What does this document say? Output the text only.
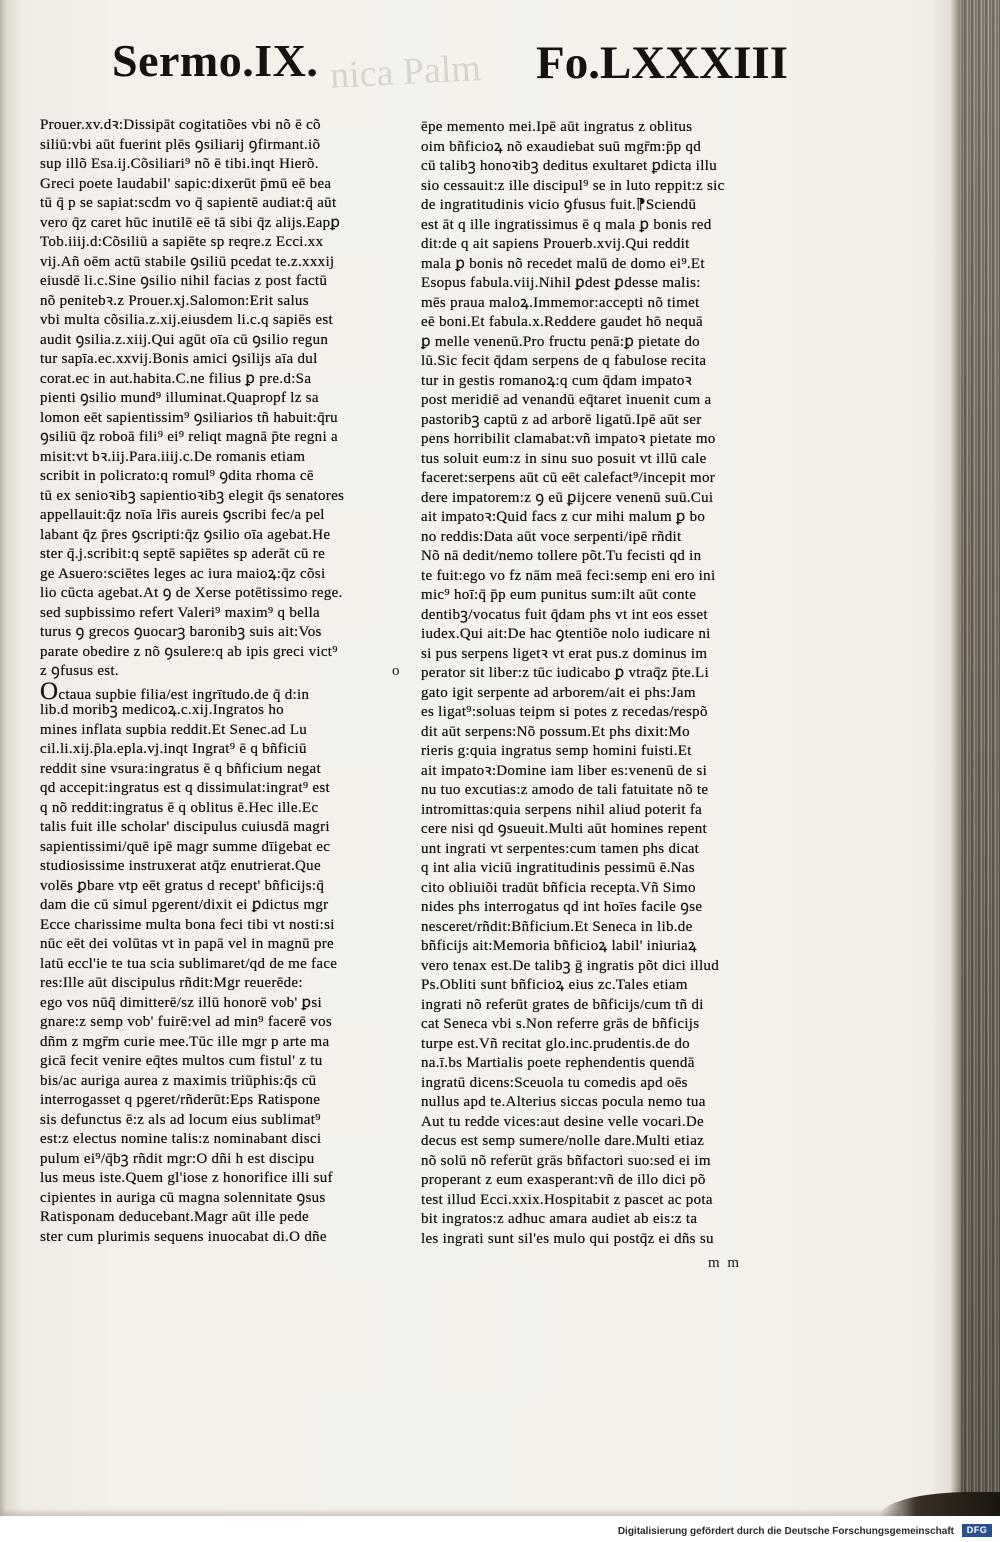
nica Palm
Sermo.IX.	Fo.LXXXIII
Prouer.xv.dꝛ:Dissipāt cogitatiões vbi nõ ē cõ
siliū:vbi aūt fuerint plēs ꝯsiliarij ꝯfirmant.iõ
sup illõ Esa.ij.Cõsiliari⁹ nõ ē tibi.inqt Hierõ.
Greci poete laudabil' sapic:dixerūt p̄mū eē bea
tū q̄ p se sapiat:scdm vo q̄ sapientē audiat:q̄ aūt
vero q̄z caret hūc inutilē eē tā sibi q̄z alijs.Eapꝑ
Tob.iiij.d:Cõsiliū a sapiēte sp reqre.z Ecci.xx
vij.Añ oēm actū stabile ꝯsiliū pcedat te.z.xxxij
eiusdē li.c.Sine ꝯsilio nihil facias z post factū
nõ penitebꝛ.z Prouer.xj.Salomon:Erit salus
vbi multa cõsilia.z.xij.eiusdem li.c.q sapiēs est
audit ꝯsilia.z.xiij.Qui agūt oīa cū ꝯsilio regun
tur sapīa.ec.xxvij.Bonis amici ꝯsilijs aīa dul
corat.ec in aut.habita.C.ne filius ꝑ pre.d:Sa
pienti ꝯsilio mund⁹ illuminat.Quapropf lz sa
lomon eēt sapientissim⁹ ꝯsiliarios tñ habuit:q̄ru
ꝯsiliū q̄z roboā fili⁹ ei⁹ reliqt magnā p̄te regni a
misit:vt bꝛ.iij.Para.iiij.c.De romanis etiam
scribit in policrato:q romul⁹ ꝯdita rhoma cē
tū ex senioꝛibꝫ sapientioꝛibꝫ elegit q̄s senatores
appellauit:q̄z noīa lr̄is aureis ꝯscribi fec/a pel
labant q̄z p̄res ꝯscripti:q̄z ꝯsilio oīa agebat.He
ster q̄.j.scribit:q septē sapiētes sp aderāt cū re
ge Asuero:sciētes leges ac iura maioꝝ:q̄z cõsi
lio cūcta agebat.At ꝯ de Xerse potētissimo rege.
sed supbissimo refert Valeri⁹ maxim⁹ q bella
turus ꝯ grecos ꝯuocarꝫ baronibꝫ suis ait:Vos
parate obedire z nõ ꝯsulere:q ab ipis greci vict⁹
z ꝯfusus est.
Octaua supbie filia/est ingrītudo.de q̄ d:in
lib.d moribꝫ medicoꝝ.c.xij.Ingratos ho
mines inflata supbia reddit.Et Senec.ad Lu
cil.li.xij.p̄la.epla.vj.inqt Ingrat⁹ ē q bñficiū
reddit sine vsura:ingratus ē q bñficium negat
qd accepit:ingratus est q dissimulat:ingrat⁹ est
q nõ reddit:ingratus ē q oblitus ē.Hec ille.Ec
talis fuit ille scholar' discipulus cuiusdā magri
sapientissimi/quē ipē magr summe dīigebat ec
studiosissime instruxerat atq̄z enutrierat.Que
volēs ꝑbare vtp eēt gratus d recept' bñficijs:q̄
dam die cū simul pgerent/dixit ei ꝑdictus mgr
Ecce charissime multa bona feci tibi vt nosti:si
nūc eēt dei volūtas vt in papā vel in magnū pre
latū eccl'ie te tua scia sublimaret/qd de me face
res:Ille aūt discipulus rñdit:Mgr reuerēde:
ego vos nūq̄ dimitterē/sz illū honorē vob' ꝑsi
gnare:z semp vob' fuirē:vel ad min⁹ facerē vos
dñm z mgr̄m curie mee.Tūc ille mgr p arte ma
gicā fecit venire eq̄tes multos cum fistul' z tu
bis/ac auriga aurea z maximis triūphis:q̄s cū
interrogasset q pgeret/rñderūt:Eps Ratispone
sis defunctus ē:z als ad locum eius sublimat⁹
est:z electus nomine talis:z nominabant disci
pulum ei⁹/q̄bꝫ rñdit mgr:O dñi h est discipu
lus meus iste.Quem gl'iose z honorifice illi suf
cipientes in auriga cū magna solennitate ꝯsus
Ratisponam deducebant.Magr aūt ille pede
ster cum plurimis sequens inuocabat di.O dñe
ēpe memento mei.Ipē aūt ingratus z oblitus
oim bñficioꝝ nõ exaudiebat suū mgr̄m:p̄p qd
cū talibꝫ honoꝛibꝫ deditus exultaret ꝑdicta illu
sio cessauit:z ille discipul⁹ se in luto reppit:z sic
de ingratitudinis vicio ꝯfusus fuit.⁋Sciendū
est āt q ille ingratissimus ē q mala ꝑ bonis red
dit:de q ait sapiens Prouerb.xvij.Qui reddit
mala ꝑ bonis nõ recedet malū de domo ei⁹.Et
Esopus fabula.viij.Nihil ꝑdest ꝑdesse malis:
mēs praua maloꝝ.Immemor:accepti nõ timet
eē boni.Et fabula.x.Reddere gaudet hō nequā
ꝑ melle venenū.Pro fructu penā:ꝑ pietate do
lū.Sic fecit q̄dam serpens de q fabulose recita
tur in gestis romanoꝝ:q cum q̄dam impatoꝛ
post meridiē ad venandū eq̄taret inuenit cum a
pastoribꝫ captū z ad arborē ligatū.Ipē aūt ser
pens horribilit clamabat:vñ impatoꝛ pietate mo
tus soluit eum:z in sinu suo posuit vt illū cale
faceret:serpens aūt cū eēt calefact⁹/incepit mor
dere impatorem:z ꝯ eū ꝑijcere venenū suū.Cui
ait impatoꝛ:Quid facs z cur mihi malum ꝑ bo
no reddis:Data aūt voce serpenti/ipē rñdit
Nõ nā dedit/nemo tollere põt.Tu fecisti qd in
te fuit:ego vo fz nām meā feci:semp eni ero ini
mic⁹ hoī:q̄ p̄p eum punitus sum:ilt aūt conte
dentibꝫ/vocatus fuit q̄dam phs vt int eos esset
iudex.Qui ait:De hac ꝯtentiõe nolo iudicare ni
si pus serpens ligetꝛ vt erat pus.z dominus im
perator sit liber:z tūc iudicabo ꝑ vtraq̄z p̄te.Li
gato igit serpente ad arborem/ait ei phs:Jam
es ligat⁹:soluas teipm si potes z recedas/respõ
dit aūt serpens:Nõ possum.Et phs dixit:Mo
rieris g:quia ingratus semp homini fuisti.Et
ait impatoꝛ:Domine iam liber es:venenū de si
nu tuo excutias:z amodo de tali fatuitate nõ te
intromittas:quia serpens nihil aliud poterit fa
cere nisi qd ꝯsueuit.Multi aūt homines repent
unt ingrati vt serpentes:cum tamen phs dicat
q int alia viciū ingratitudinis pessimū ē.Nas
cito obliuiõi tradūt bñficia recepta.Vñ Simo
nides phs interrogatus qd int hoīes facile ꝯse
nesceret/rñdit:Bñficium.Et Seneca in lib.de
bñficijs ait:Memoria bñficioꝝ labil' iniuriaꝝ
vero tenax est.De talibꝫ ḡ ingratis põt dici illud
Ps.Obliti sunt bñficioꝝ eius zc.Tales etiam
ingrati nõ referūt grates de bñficijs/cum tñ di
cat Seneca vbi s.Non referre grās de bñficijs
turpe est.Vñ recitat glo.inc.prudentis.de do
na.ī.bs Martialis poete rephendentis quendā
ingratū dicens:Sceuola tu comedis apd oēs
nullus apd te.Alterius siccas pocula nemo tua
Aut tu redde vices:aut desine velle vocari.De
decus est semp sumere/nolle dare.Multi etiaz
nõ solū nõ referūt grās bñfactori suo:sed ei im
properant z eum exasperant:vñ de illo dici põ
test illud Ecci.xxix.Hospitabit z pascet ac pota
bit ingratos:z adhuc amara audiet ab eis:z ta
les ingrati sunt sil'es mulo qui postq̄z ei dñs su
o
m m
Digitalisierung gefördert durch die Deutsche Forschungsgemeinschaft	DFG
